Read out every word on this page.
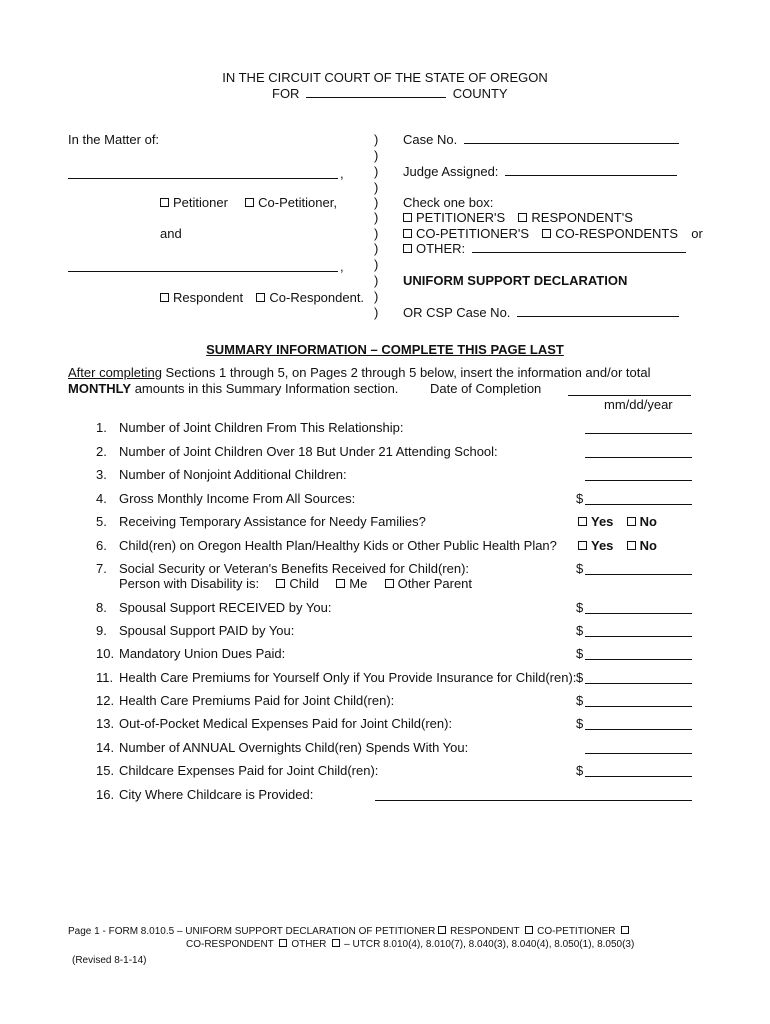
IN THE CIRCUIT COURT OF THE STATE OF OREGON
FOR	COUNTY
In the Matter of:
,
Petitioner Co-Petitioner,
and
,
Respondent Co-Respondent.
)
)
)
)
)
)
)
)
)
)
)
)
Case No.
Judge Assigned:
Check one box:
PETITIONER'S RESPONDENT'S
CO-PETITIONER'S CO-RESPONDENTS or
OTHER:
UNIFORM SUPPORT DECLARATION
OR CSP Case No.
SUMMARY INFORMATION – COMPLETE THIS PAGE LAST
After completing Sections 1 through 5, on Pages 2 through 5 below, insert the information and/or total
MONTHLY amounts in this Summary Information section. Date of Completion
mm/dd/year
1. Number of Joint Children From This Relationship:
2. Number of Joint Children Over 18 But Under 21 Attending School:
3. Number of Nonjoint Additional Children:
4. Gross Monthly Income From All Sources:	$
5. Receiving Temporary Assistance for Needy Families?	Yes No
6. Child(ren) on Oregon Health Plan/Healthy Kids or Other Public Health Plan?	Yes No
7. Social Security or Veteran's Benefits Received for Child(ren):	$
Person with Disability is: Child Me Other Parent
8. Spousal Support RECEIVED by You:	$
9. Spousal Support PAID by You:	$
10. Mandatory Union Dues Paid:	$
11. Health Care Premiums for Yourself Only if You Provide Insurance for Child(ren): $
12. Health Care Premiums Paid for Joint Child(ren):	$
13. Out-of-Pocket Medical Expenses Paid for Joint Child(ren):	$
14. Number of ANNUAL Overnights Child(ren) Spends With You:
15. Childcare Expenses Paid for Joint Child(ren):	$
16. City Where Childcare is Provided:
Page 1 - FORM 8.010.5 – UNIFORM SUPPORT DECLARATION OF PETITIONER RESPONDENT CO-PETITIONER
CO-RESPONDENT OTHER – UTCR 8.010(4), 8.010(7), 8.040(3), 8.040(4), 8.050(1), 8.050(3)
(Revised 8-1-14)
